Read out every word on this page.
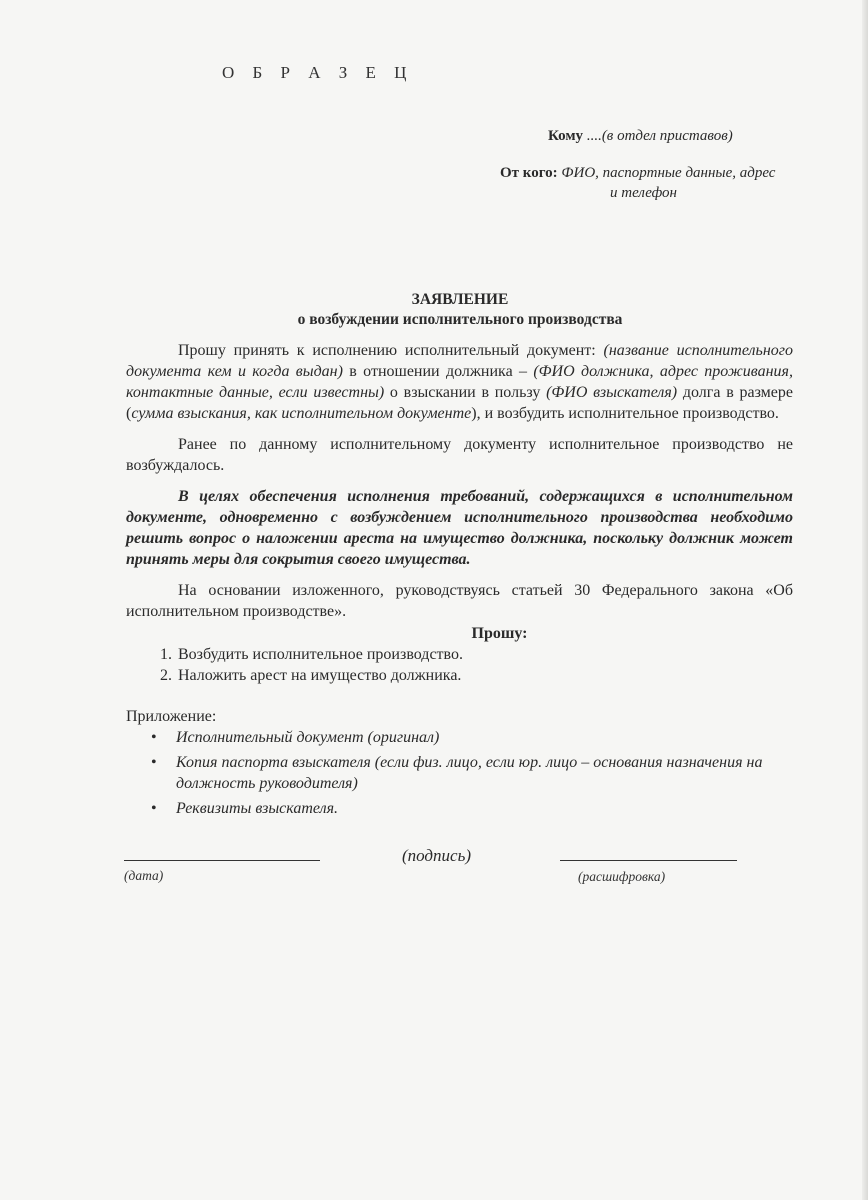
О Б Р А З Е Ц
Кому ....(в отдел приставов)
От кого: ФИО, паспортные данные, адрес
и телефон
ЗАЯВЛЕНИЕ
о возбуждении исполнительного производства

Прошу принять к исполнению исполнительный документ: (название исполнительного документа кем и когда выдан) в отношении должника – (ФИО должника, адрес проживания, контактные данные, если известны) о взыскании в пользу (ФИО взыскателя) долга в размере (сумма взыскания, как исполнительном документе), и возбудить исполнительное производство.

Ранее по данному исполнительному документу исполнительное производство не возбуждалось.

В целях обеспечения исполнения требований, содержащихся в исполнительном документе, одновременно с возбуждением исполнительного производства необходимо решить вопрос о наложении ареста на имущество должника, поскольку должник может принять меры для сокрытия своего имущества.

На основании изложенного, руководствуясь статьей 30 Федерального закона «Об исполнительном производстве».

Прошу:
1. Возбудить исполнительное производство.
2. Наложить арест на имущество должника.
Приложение:
• Исполнительный документ (оригинал)
• Копия паспорта взыскателя (если физ. лицо, если юр. лицо – основания назначения на должность руководителя)
• Реквизиты взыскателя.
(дата)
(подпись)
(расшифровка)
